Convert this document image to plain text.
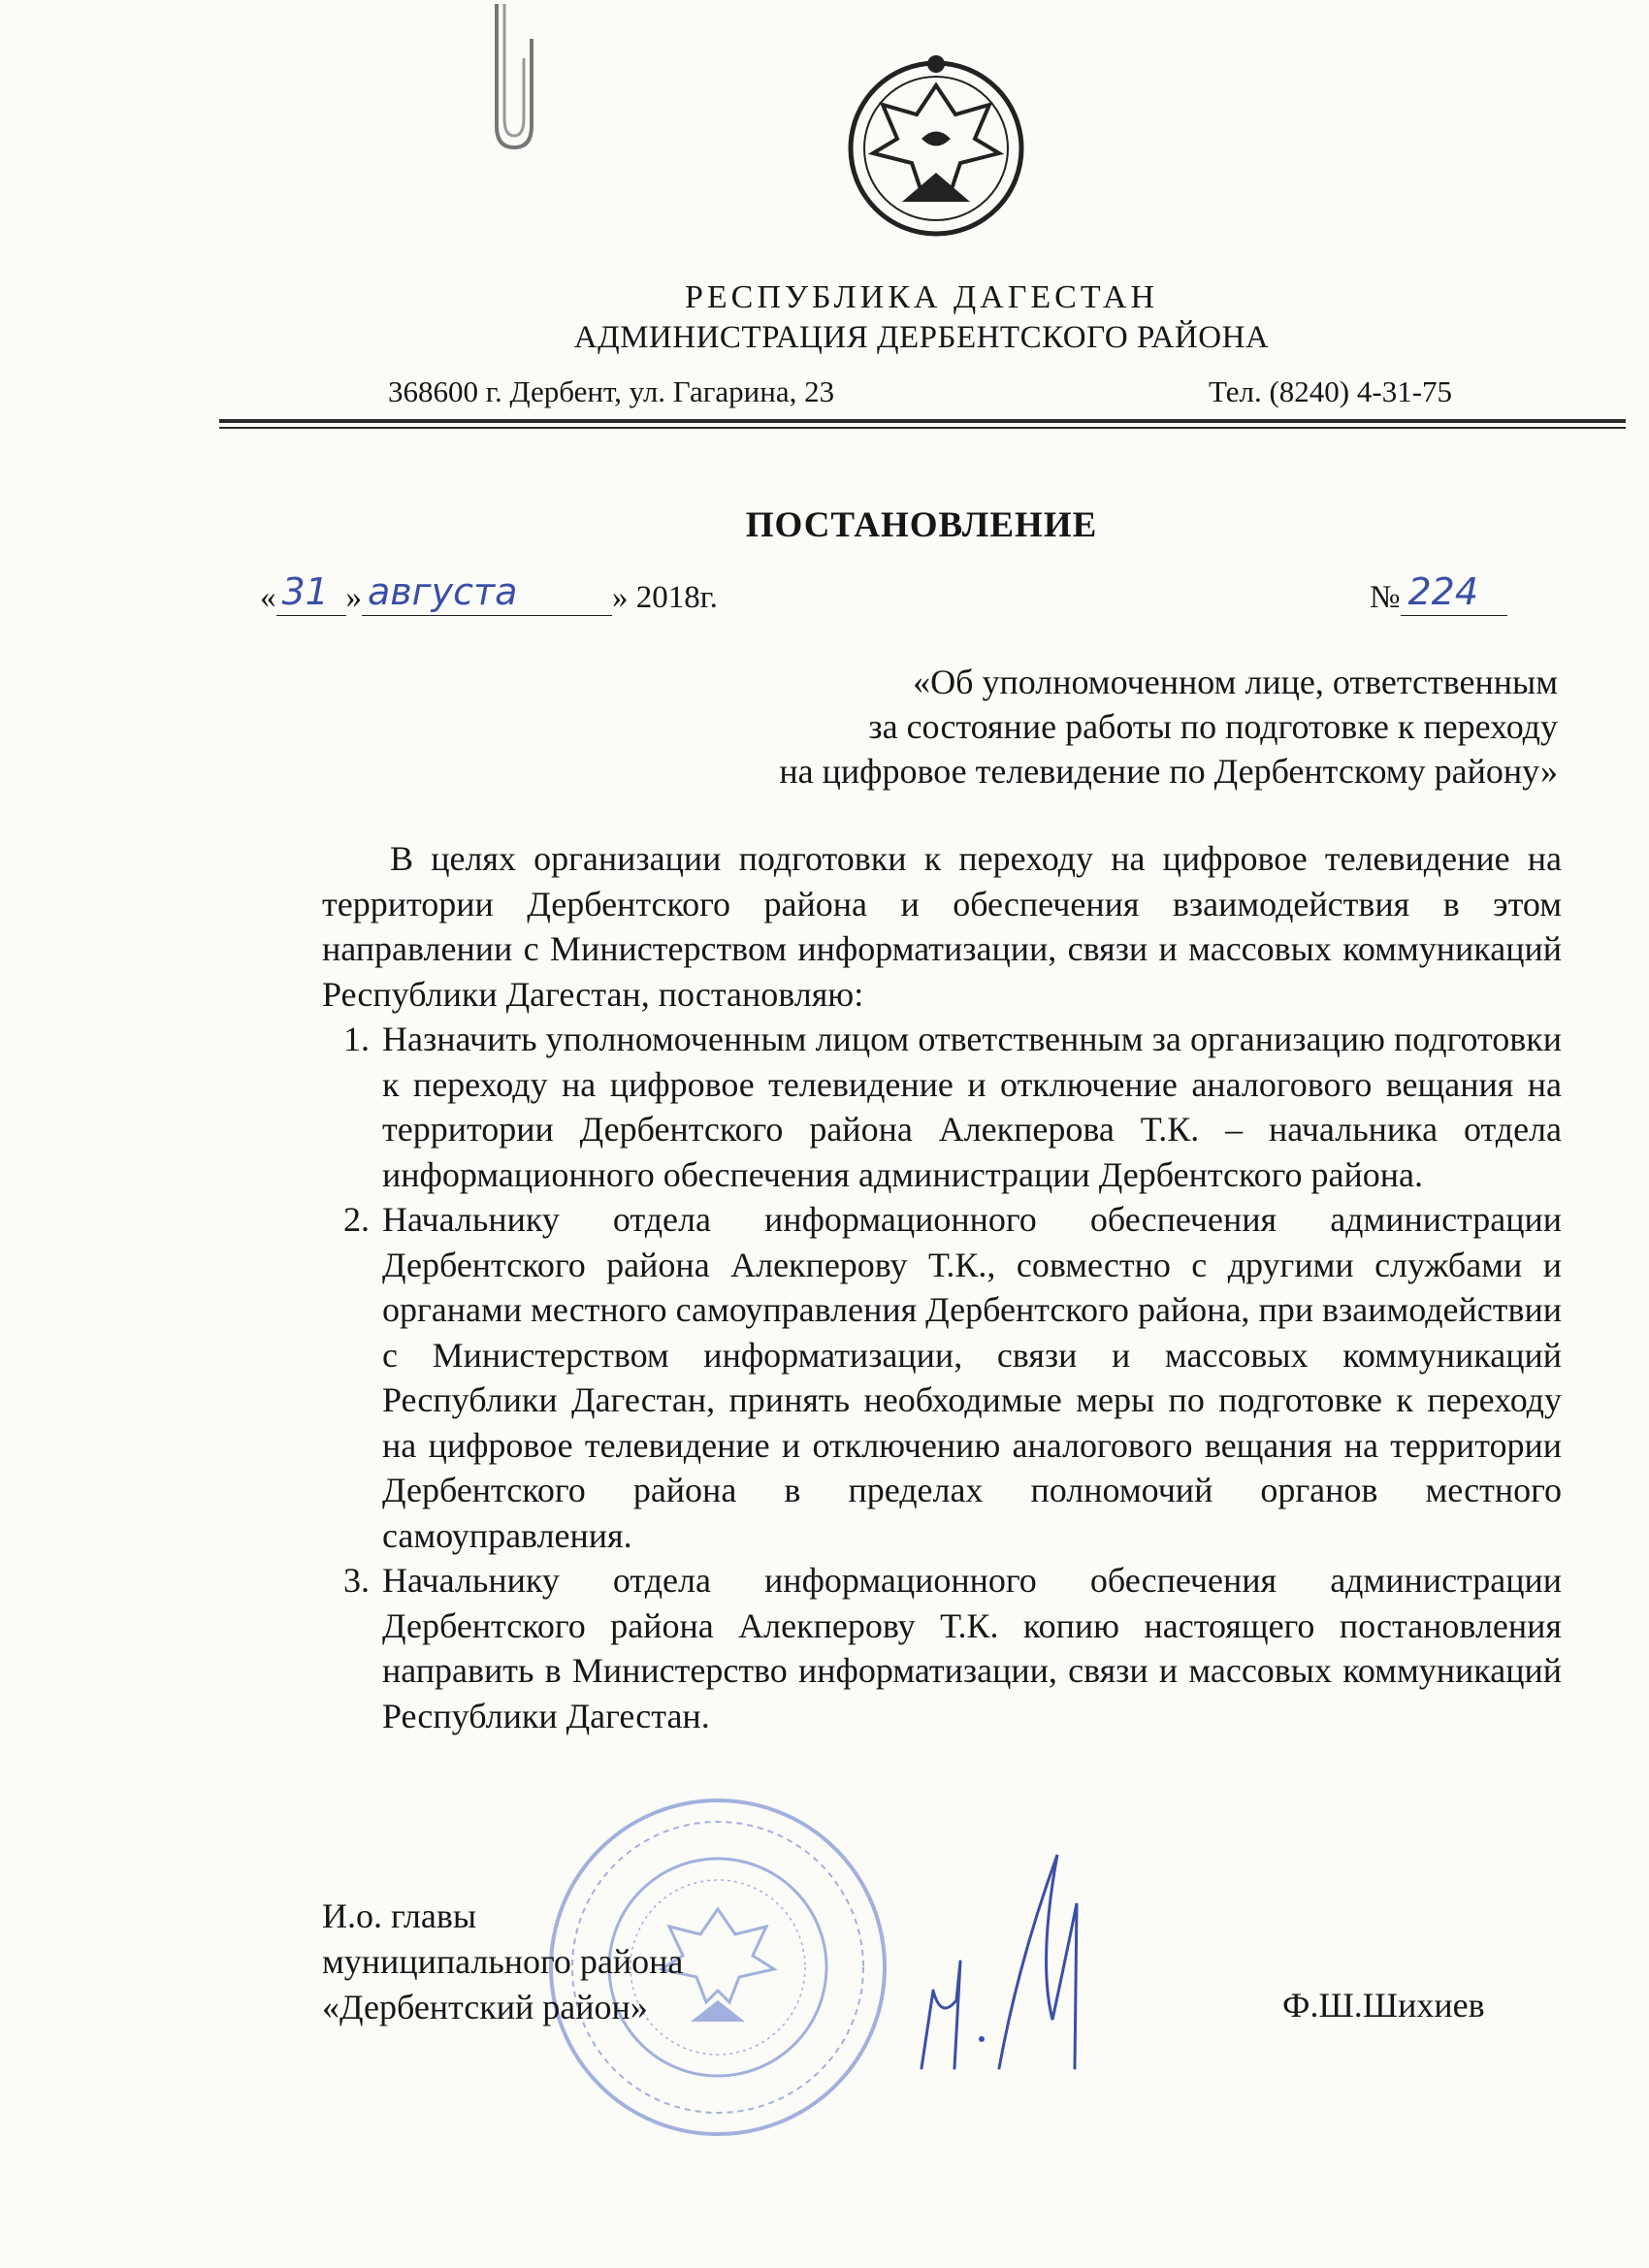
РЕСПУБЛИКА ДАГЕСТАН
АДМИНИСТРАЦИЯ ДЕРБЕНТСКОГО РАЙОНА
368600 г. Дербент, ул. Гагарина, 23	Тел. (8240) 4-31-75
ПОСТАНОВЛЕНИЕ
« 31 » августа	» 2018г.	№ 224
«Об уполномоченном лице, ответственным
за состояние работы по подготовке к переходу
на цифровое телевидение по Дербентскому району»

В целях организации подготовки к переходу на цифровое телевидение на территории Дербентского района и обеспечения взаимодействия в этом направлении с Министерством информатизации, связи и массовых коммуникаций Республики Дагестан, постановляю:

1. Назначить уполномоченным лицом ответственным за организацию подготовки к переходу на цифровое телевидение и отключение аналогового вещания на территории Дербентского района Алекперова Т.К. – начальника отдела информационного обеспечения администрации Дербентского района.
2. Начальнику отдела информационного обеспечения администрации Дербентского района Алекперову Т.К., совместно с другими службами и органами местного самоуправления Дербентского района, при взаимодействии с Министерством информатизации, связи и массовых коммуникаций Республики Дагестан, принять необходимые меры по подготовке к переходу на цифровое телевидение и отключению аналогового вещания на территории Дербентского района в пределах полномочий органов местного самоуправления.
3. Начальнику отдела информационного обеспечения администрации Дербентского района Алекперову Т.К. копию настоящего постановления направить в Министерство информатизации, связи и массовых коммуникаций Республики Дагестан.
И.о. главы
муниципального района
«Дербентский район»	Ф.Ш.Шихиев
